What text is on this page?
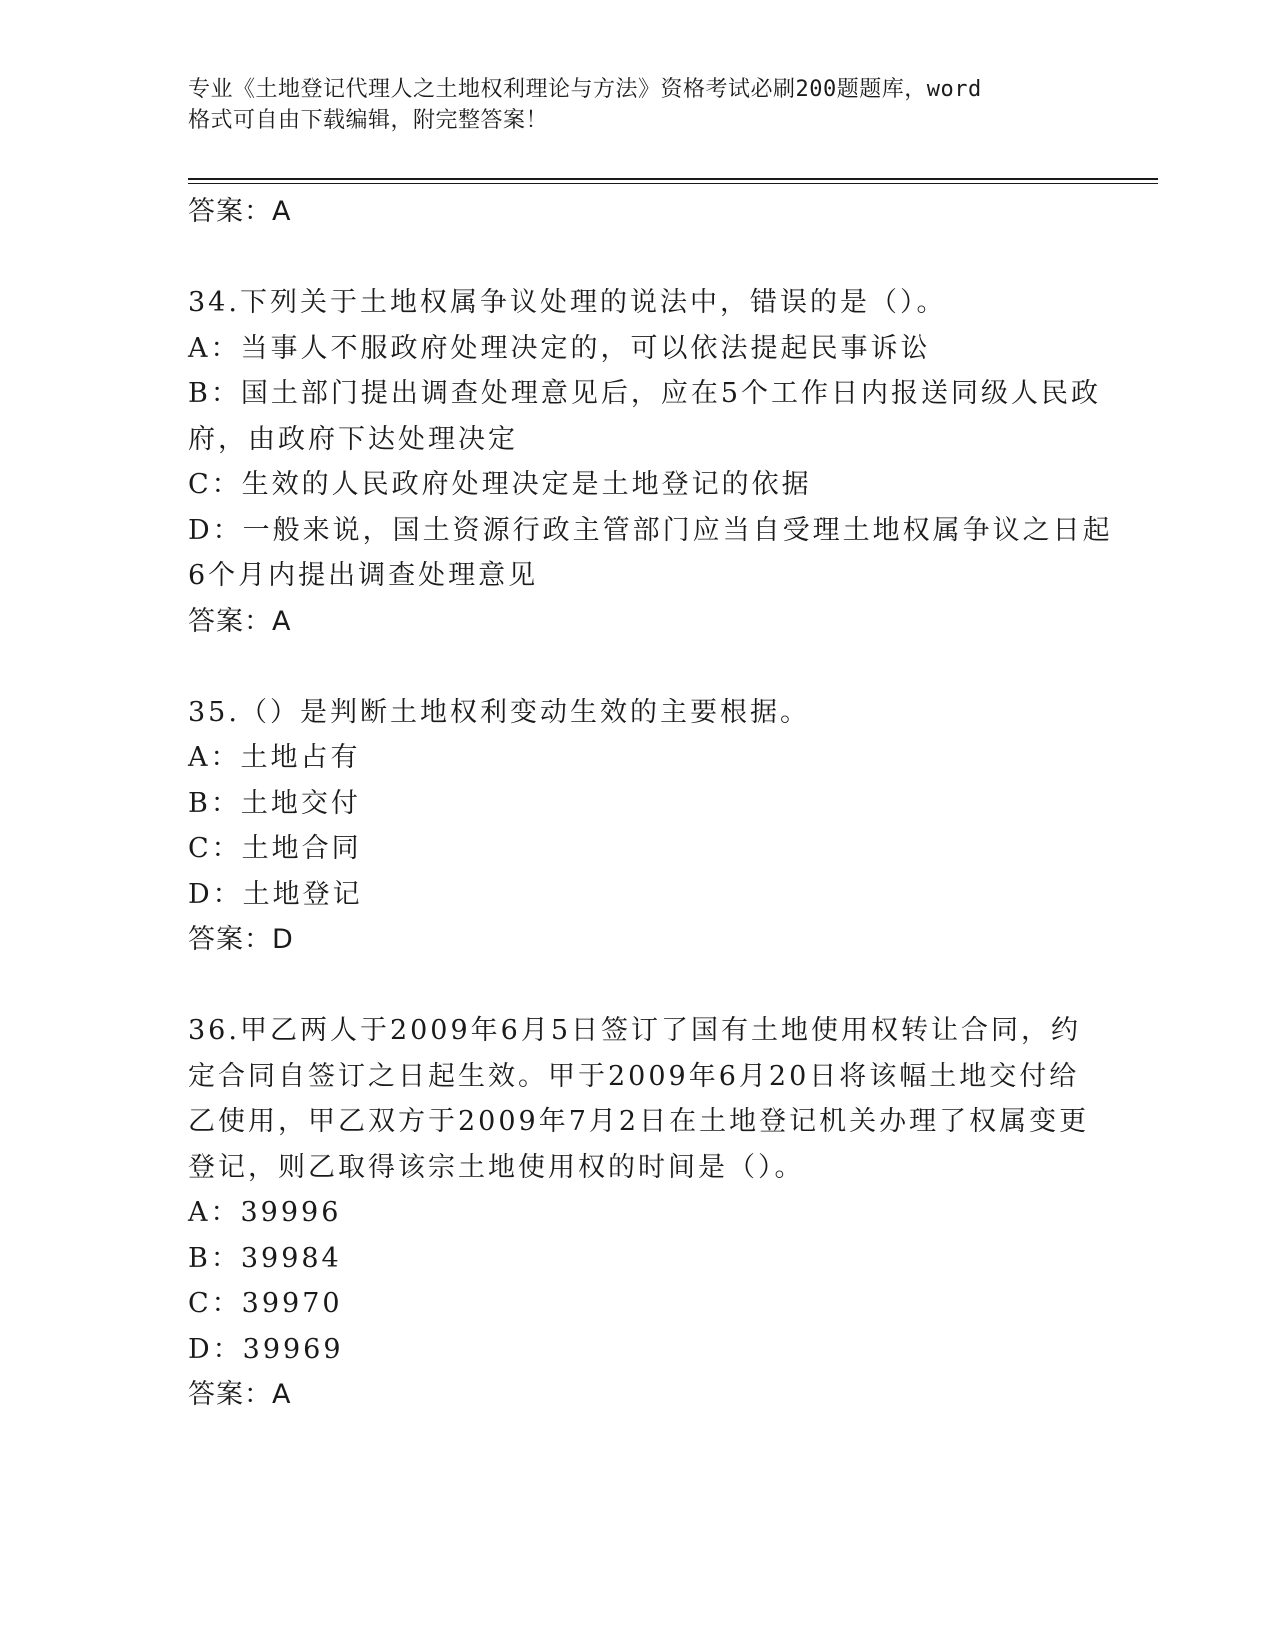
专业《土地登记代理人之土地权利理论与方法》资格考试必刷200题题库，word
格式可自由下载编辑，附完整答案！
答案：A
34.下列关于土地权属争议处理的说法中，错误的是（）。
A：当事人不服政府处理决定的，可以依法提起民事诉讼
B：国土部门提出调查处理意见后，应在5个工作日内报送同级人民政
府，由政府下达处理决定
C：生效的人民政府处理决定是土地登记的依据
D：一般来说，国土资源行政主管部门应当自受理土地权属争议之日起
6个月内提出调查处理意见
答案：A
35.（）是判断土地权利变动生效的主要根据。
A：土地占有
B：土地交付
C：土地合同
D：土地登记
答案：D
36.甲乙两人于2009年6月5日签订了国有土地使用权转让合同，约
定合同自签订之日起生效。甲于2009年6月20日将该幅土地交付给
乙使用，甲乙双方于2009年7月2日在土地登记机关办理了权属变更
登记，则乙取得该宗土地使用权的时间是（）。
A：39996
B：39984
C：39970
D：39969
答案：A
